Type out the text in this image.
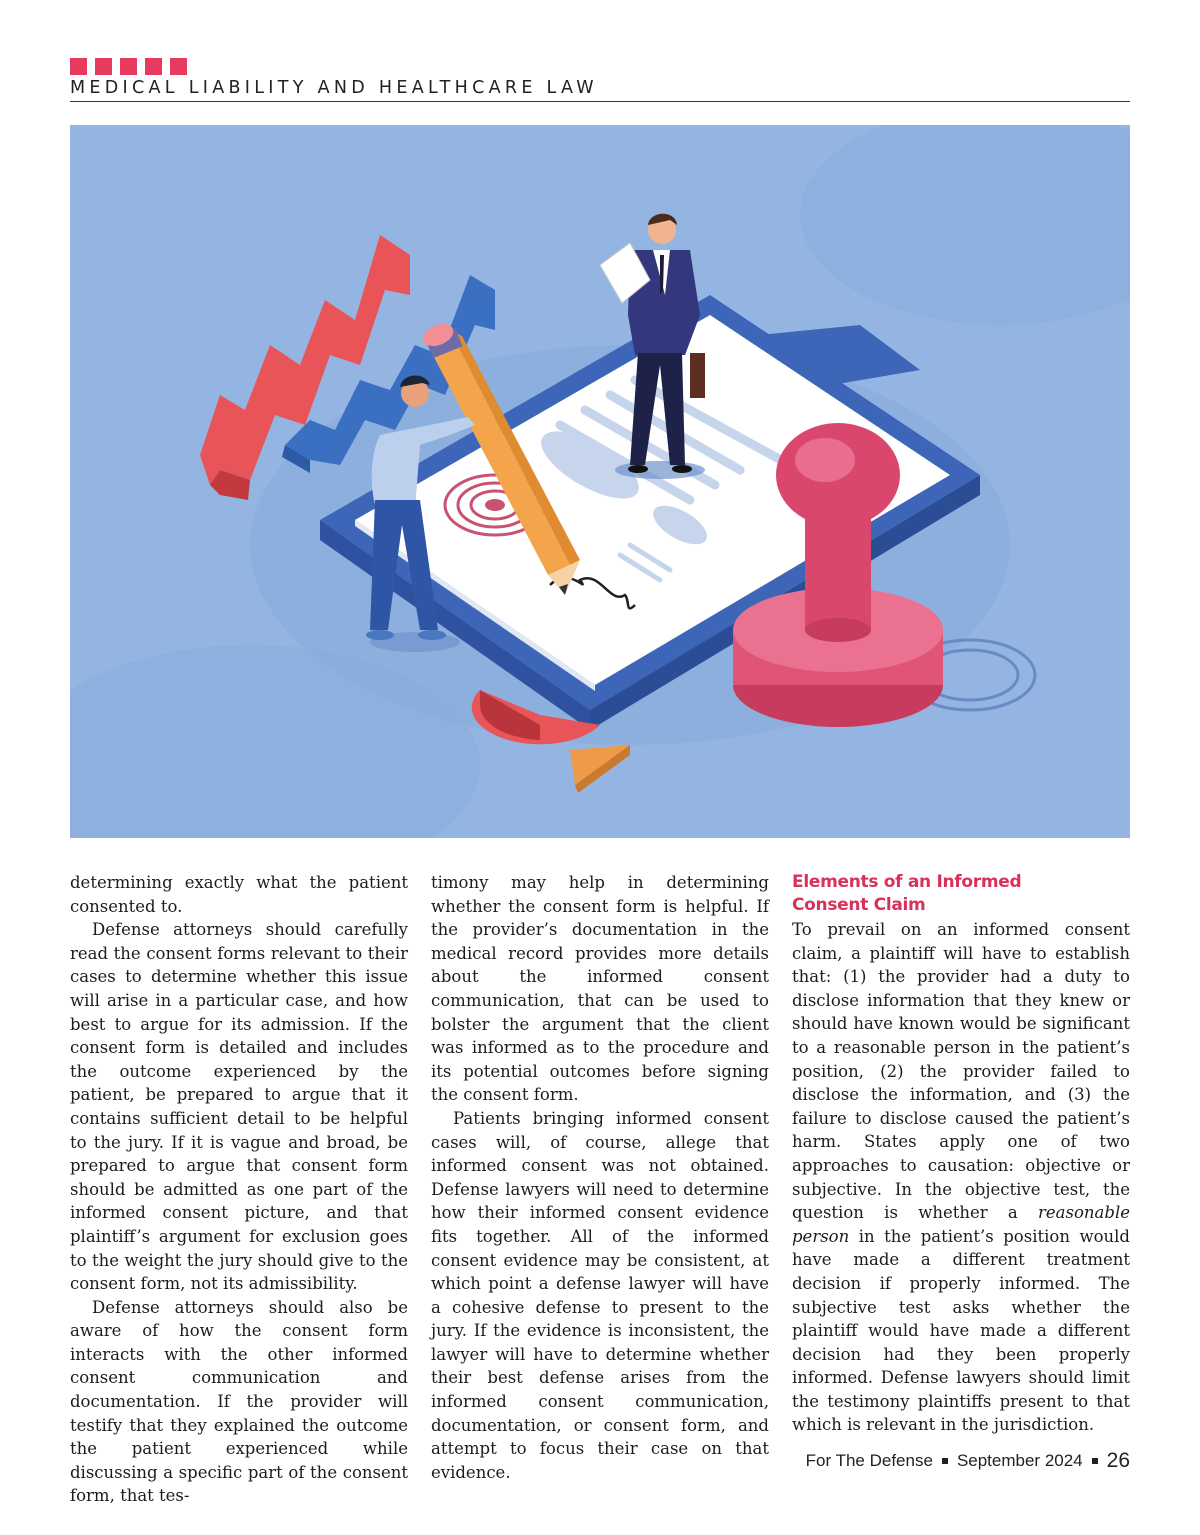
MEDICAL LIABILITY AND HEALTHCARE LAW

determining exactly what the patient consented to.

Defense attorneys should carefully read the consent forms relevant to their cases to determine whether this issue will arise in a particular case, and how best to argue for its admission. If the consent form is detailed and includes the outcome experienced by the patient, be prepared to argue that it contains sufficient detail to be helpful to the jury. If it is vague and broad, be prepared to argue that consent form should be admitted as one part of the informed consent picture, and that plaintiff’s argument for exclusion goes to the weight the jury should give to the consent form, not its admissibility.

Defense attorneys should also be aware of how the consent form interacts with the other informed consent communication and documentation. If the provider will testify that they explained the outcome the patient experienced while discussing a specific part of the consent form, that tes-

timony may help in determining whether the consent form is helpful. If the provider’s documentation in the medical record provides more details about the informed consent communication, that can be used to bolster the argument that the client was informed as to the procedure and its potential outcomes before signing the consent form.

Patients bringing informed consent cases will, of course, allege that informed consent was not obtained. Defense lawyers will need to determine how their informed consent evidence fits together. All of the informed consent evidence may be consistent, at which point a defense lawyer will have a cohesive defense to present to the jury. If the evidence is inconsistent, the lawyer will have to determine whether their best defense arises from the informed consent communication, documentation, or consent form, and attempt to focus their case on that evidence.

Elements of an Informed
Consent Claim

To prevail on an informed consent claim, a plaintiff will have to establish that: (1) the provider had a duty to disclose information that they knew or should have known would be significant to a reasonable person in the patient’s position, (2) the provider failed to disclose the information, and (3) the failure to disclose caused the patient’s harm. States apply one of two approaches to causation: objective or subjective. In the objective test, the question is whether a reasonable person in the patient’s position would have made a different treatment decision if properly informed. The subjective test asks whether the plaintiff would have made a different decision had they been properly informed. Defense lawyers should limit the testimony plaintiffs present to that which is relevant in the jurisdiction.

For The Defense September 2024 26
